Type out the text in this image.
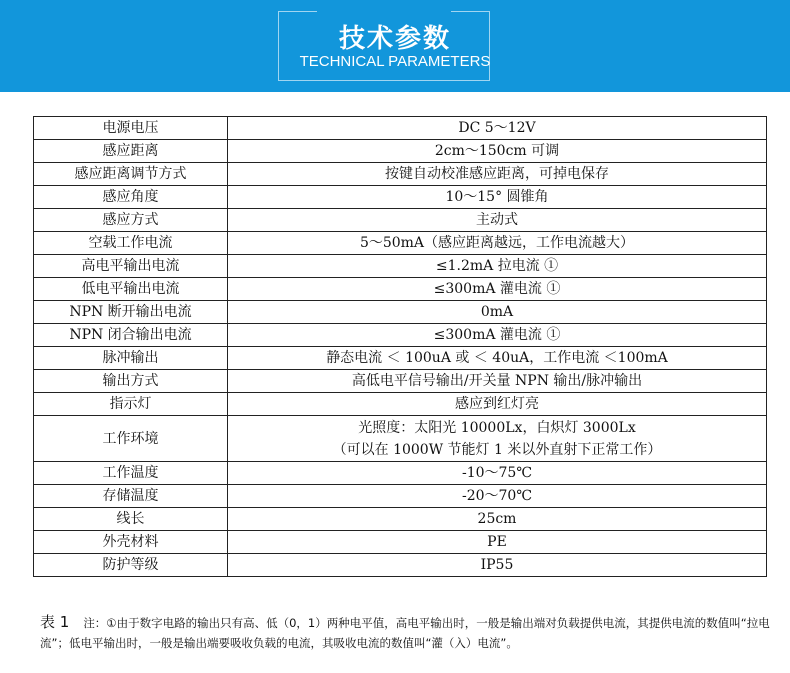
技术参数
TECHNICAL PARAMETERS
电源电压	DC 5～12V
感应距离	2cm～150cm 可调
感应距离调节方式	按键自动校准感应距离，可掉电保存
感应角度	10～15° 圆锥角
感应方式	主动式
空载工作电流	5～50mA（感应距离越远，工作电流越大）
高电平输出电流	≤1.2mA 拉电流 ①
低电平输出电流	≤300mA 灌电流 ①
NPN 断开输出电流	0mA
NPN 闭合输出电流	≤300mA 灌电流 ①
脉冲输出	静态电流 ＜ 100uA 或 ＜ 40uA，工作电流 ＜100mA
输出方式	高低电平信号输出/开关量 NPN 输出/脉冲输出
指示灯	感应到红灯亮
工作环境	光照度：太阳光 10000Lx，白炽灯 3000Lx
（可以在 1000W 节能灯 1 米以外直射下正常工作）

工作温度	-10～75℃
存储温度	-20～70℃
线长	25cm
外壳材料	PE
防护等级	IP55
表 1 注：①由于数字电路的输出只有高、低（0，1）两种电平值，高电平输出时，一般是输出端对负载提供电流，其提供电流的数值叫“拉电流”；低电平输出时，一般是输出端要吸收负载的电流，其吸收电流的数值叫“灌（入）电流”。
